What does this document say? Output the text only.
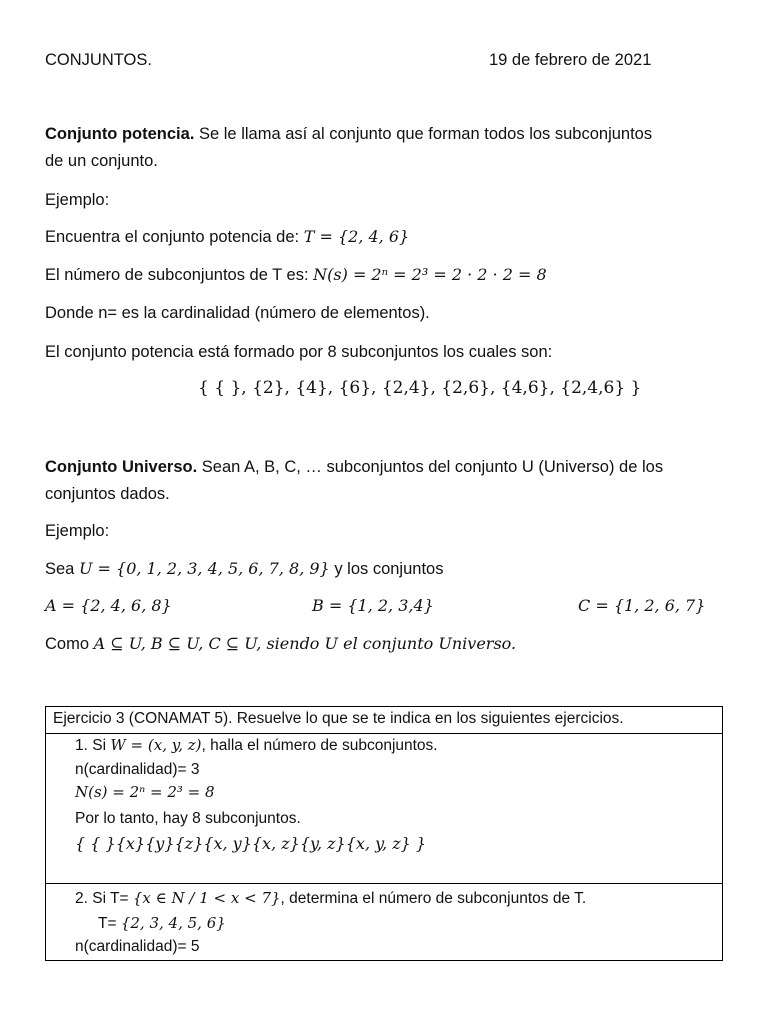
CONJUNTOS.	19 de febrero de 2021
Conjunto potencia. Se le llama así al conjunto que forman todos los subconjuntos
de un conjunto.
Ejemplo:
Encuentra el conjunto potencia de: T = {2, 4, 6}
El número de subconjuntos de T es: N(s) = 2ⁿ = 2³ = 2 · 2 · 2 = 8
Donde n= es la cardinalidad (número de elementos).
El conjunto potencia está formado por 8 subconjuntos los cuales son:
{ { }, {2}, {4}, {6}, {2,4}, {2,6}, {4,6}, {2,4,6} }
Conjunto Universo. Sean A, B, C, … subconjuntos del conjunto U (Universo) de los
conjuntos dados.
Ejemplo:
Sea U = {0, 1, 2, 3, 4, 5, 6, 7, 8, 9} y los conjuntos
A = {2, 4, 6, 8}	B = {1, 2, 3,4}	C = {1, 2, 6, 7}
Como A ⊆ U, B ⊆ U, C ⊆ U, siendo U el conjunto Universo.
Ejercicio 3 (CONAMAT 5). Resuelve lo que se te indica en los siguientes ejercicios.
1. Si W = (x, y, z), halla el número de subconjuntos.
n(cardinalidad)= 3
N(s) = 2ⁿ = 2³ = 8
Por lo tanto, hay 8 subconjuntos.
{ { }{x}{y}{z}{x, y}{x, z}{y, z}{x, y, z} }
2. Si T= {x ∈ N / 1 < x < 7}, determina el número de subconjuntos de T.
T= {2, 3, 4, 5, 6}
n(cardinalidad)= 5
